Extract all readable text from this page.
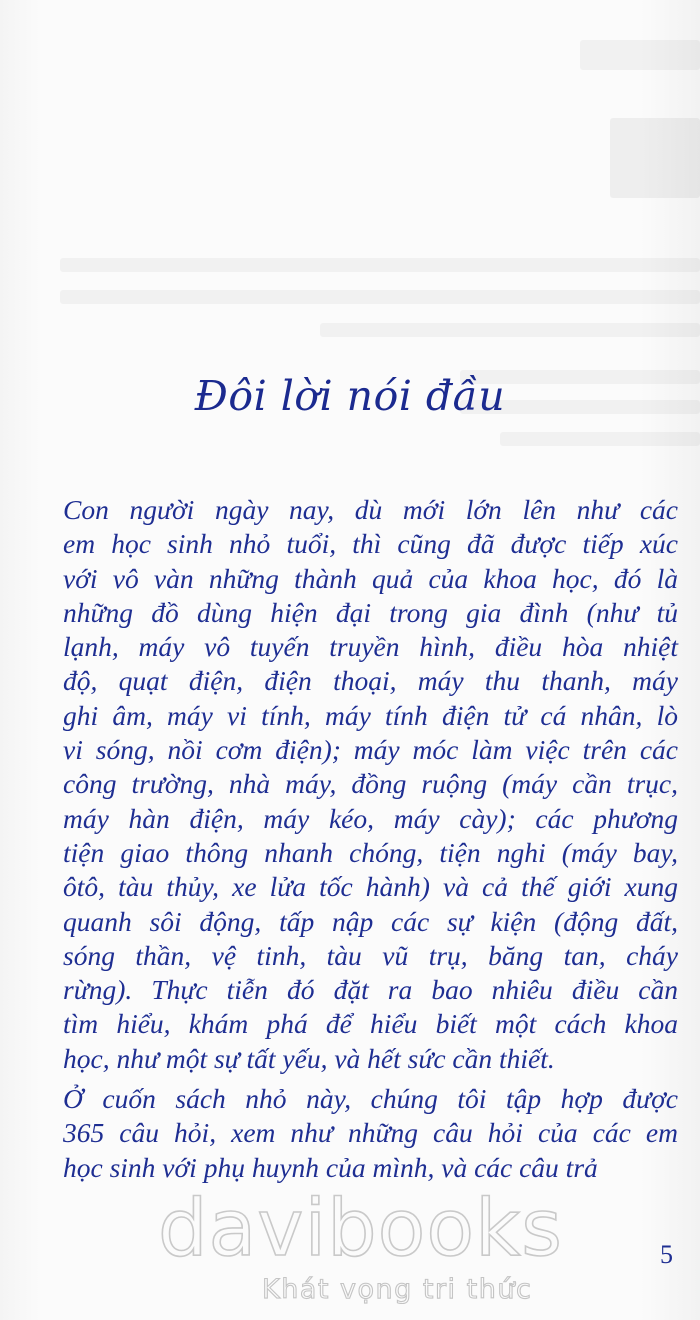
Đôi lời nói đầu

Con người ngày nay, dù mới lớn lên như các
em học sinh nhỏ tuổi, thì cũng đã được tiếp xúc
với vô vàn những thành quả của khoa học, đó là
những đồ dùng hiện đại trong gia đình (như tủ
lạnh, máy vô tuyến truyền hình, điều hòa nhiệt
độ, quạt điện, điện thoại, máy thu thanh, máy
ghi âm, máy vi tính, máy tính điện tử cá nhân, lò
vi sóng, nồi cơm điện); máy móc làm việc trên các
công trường, nhà máy, đồng ruộng (máy cần trục,
máy hàn điện, máy kéo, máy cày); các phương
tiện giao thông nhanh chóng, tiện nghi (máy bay,
ôtô, tàu thủy, xe lửa tốc hành) và cả thế giới xung
quanh sôi động, tấp nập các sự kiện (động đất,
sóng thần, vệ tinh, tàu vũ trụ, băng tan, cháy
rừng). Thực tiễn đó đặt ra bao nhiêu điều cần
tìm hiểu, khám phá để hiểu biết một cách khoa
học, như một sự tất yếu, và hết sức cần thiết.

Ở cuốn sách nhỏ này, chúng tôi tập hợp được
365 câu hỏi, xem như những câu hỏi của các em
học sinh với phụ huynh của mình, và các câu trả

davibooks
Khát vọng tri thức
5
